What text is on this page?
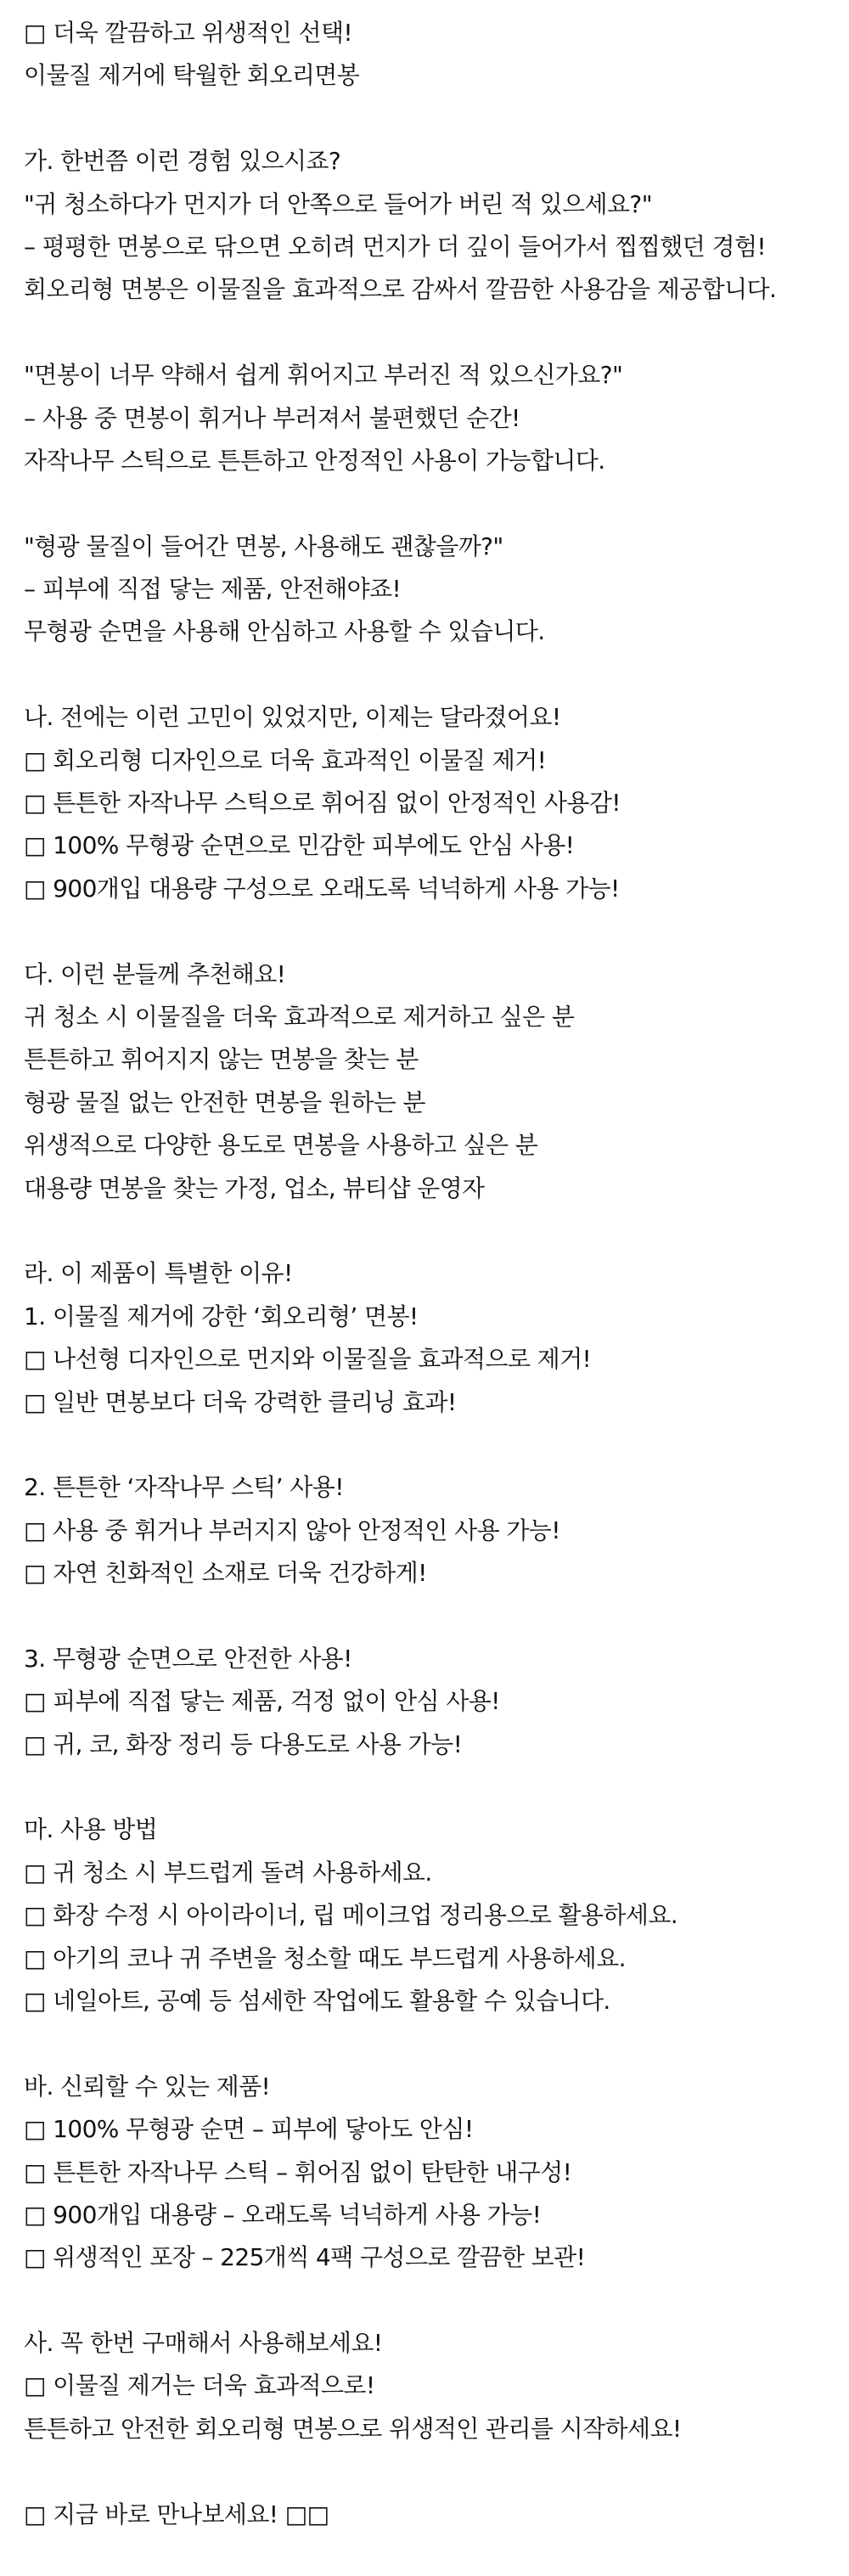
□ 더욱 깔끔하고 위생적인 선택!
이물질 제거에 탁월한 회오리면봉
가. 한번쯤 이런 경험 있으시죠?
"귀 청소하다가 먼지가 더 안쪽으로 들어가 버린 적 있으세요?"
– 평평한 면봉으로 닦으면 오히려 먼지가 더 깊이 들어가서 찝찝했던 경험!
회오리형 면봉은 이물질을 효과적으로 감싸서 깔끔한 사용감을 제공합니다.
"면봉이 너무 약해서 쉽게 휘어지고 부러진 적 있으신가요?"
– 사용 중 면봉이 휘거나 부러져서 불편했던 순간!
자작나무 스틱으로 튼튼하고 안정적인 사용이 가능합니다.
"형광 물질이 들어간 면봉, 사용해도 괜찮을까?"
– 피부에 직접 닿는 제품, 안전해야죠!
무형광 순면을 사용해 안심하고 사용할 수 있습니다.
나. 전에는 이런 고민이 있었지만, 이제는 달라졌어요!
□ 회오리형 디자인으로 더욱 효과적인 이물질 제거!
□ 튼튼한 자작나무 스틱으로 휘어짐 없이 안정적인 사용감!
□ 100% 무형광 순면으로 민감한 피부에도 안심 사용!
□ 900개입 대용량 구성으로 오래도록 넉넉하게 사용 가능!
다. 이런 분들께 추천해요!
귀 청소 시 이물질을 더욱 효과적으로 제거하고 싶은 분
튼튼하고 휘어지지 않는 면봉을 찾는 분
형광 물질 없는 안전한 면봉을 원하는 분
위생적으로 다양한 용도로 면봉을 사용하고 싶은 분
대용량 면봉을 찾는 가정, 업소, 뷰티샵 운영자
라. 이 제품이 특별한 이유!
1. 이물질 제거에 강한 ‘회오리형’ 면봉!
□ 나선형 디자인으로 먼지와 이물질을 효과적으로 제거!
□ 일반 면봉보다 더욱 강력한 클리닝 효과!
2. 튼튼한 ‘자작나무 스틱’ 사용!
□ 사용 중 휘거나 부러지지 않아 안정적인 사용 가능!
□ 자연 친화적인 소재로 더욱 건강하게!
3. 무형광 순면으로 안전한 사용!
□ 피부에 직접 닿는 제품, 걱정 없이 안심 사용!
□ 귀, 코, 화장 정리 등 다용도로 사용 가능!
마. 사용 방법
□ 귀 청소 시 부드럽게 돌려 사용하세요.
□ 화장 수정 시 아이라이너, 립 메이크업 정리용으로 활용하세요.
□ 아기의 코나 귀 주변을 청소할 때도 부드럽게 사용하세요.
□ 네일아트, 공예 등 섬세한 작업에도 활용할 수 있습니다.
바. 신뢰할 수 있는 제품!
□ 100% 무형광 순면 – 피부에 닿아도 안심!
□ 튼튼한 자작나무 스틱 – 휘어짐 없이 탄탄한 내구성!
□ 900개입 대용량 – 오래도록 넉넉하게 사용 가능!
□ 위생적인 포장 – 225개씩 4팩 구성으로 깔끔한 보관!
사. 꼭 한번 구매해서 사용해보세요!
□ 이물질 제거는 더욱 효과적으로!
튼튼하고 안전한 회오리형 면봉으로 위생적인 관리를 시작하세요!
□ 지금 바로 만나보세요! □□
